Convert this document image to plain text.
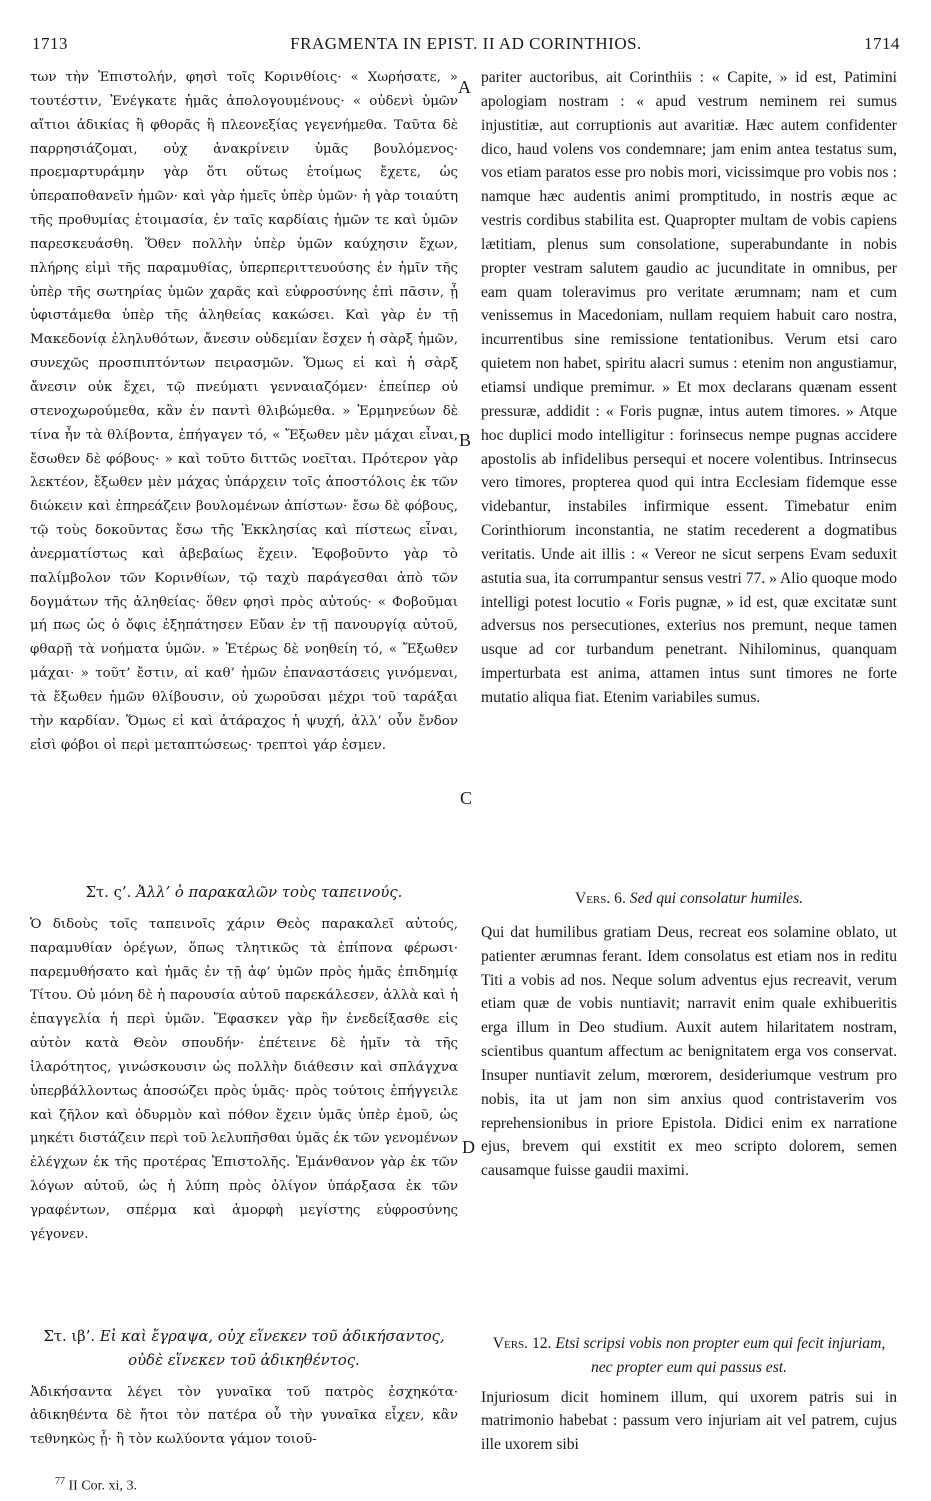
1713	FRAGMENTA IN EPIST. II AD CORINTHIOS.	1714

των τὴν Ἐπιστολήν, φησὶ τοῖς Κορινθίοις· « Χωρήσατε, » τουτέστιν, Ἐνέγκατε ἡμᾶς ἀπολογουμένους· « οὐδενὶ ὑμῶν αἴτιοι ἀδικίας ἢ φθορᾶς ἢ πλεονεξίας γεγενήμεθα. Ταῦτα δὲ παρρησιάζομαι, οὐχ ἀνακρίνειν ὑμᾶς βουλόμενος· προεμαρτυράμην γὰρ ὅτι οὕτως ἑτοίμως ἔχετε, ὡς ὑπεραποθανεῖν ἡμῶν· καὶ γὰρ ἡμεῖς ὑπὲρ ὑμῶν· ἡ γὰρ τοιαύτη τῆς προθυμίας ἑτοιμασία, ἐν ταῖς καρδίαις ἡμῶν τε καὶ ὑμῶν παρεσκευάσθη. Ὅθεν πολλὴν ὑπὲρ ὑμῶν καύχησιν ἔχων, πλήρης εἰμὶ τῆς παραμυθίας, ὑπερπεριττευούσης ἐν ἡμῖν τῆς ὑπὲρ τῆς σωτηρίας ὑμῶν χαρᾶς καὶ εὐφροσύνης ἐπὶ πᾶσιν, ᾗ ὑφιστάμεθα ὑπὲρ τῆς ἀληθείας κακώσει. Καὶ γὰρ ἐν τῇ Μακεδονίᾳ ἐληλυθότων, ἄνεσιν οὐδεμίαν ἔσχεν ἡ σὰρξ ἡμῶν, συνεχῶς προσπιπτόντων πειρασμῶν. Ὅμως εἰ καὶ ἡ σὰρξ ἄνεσιν οὐκ ἔχει, τῷ πνεύματι γενναιαζόμεν· ἐπείπερ οὐ στενοχωρούμεθα, κἂν ἐν παντὶ θλιβώμεθα. » Ἑρμηνεύων δὲ τίνα ἦν τὰ θλίβοντα, ἐπήγαγεν τό, « Ἔξωθεν μὲν μάχαι εἶναι, ἔσωθεν δὲ φόβους· » καὶ τοῦτο διττῶς νοεῖται. Πρότερον γὰρ λεκτέον, ἔξωθεν μὲν μάχας ὑπάρχειν τοῖς ἀποστόλοις ἐκ τῶν διώκειν καὶ ἐπηρεάζειν βουλομένων ἀπίστων· ἔσω δὲ φόβους, τῷ τοὺς δοκοῦντας ἔσω τῆς Ἐκκλησίας καὶ πίστεως εἶναι, ἀνερματίστως καὶ ἀβεβαίως ἔχειν. Ἐφοβοῦντο γὰρ τὸ παλίμβολον τῶν Κορινθίων, τῷ ταχὺ παράγεσθαι ἀπὸ τῶν δογμάτων τῆς ἀληθείας· ὅθεν φησὶ πρὸς αὐτούς· « Φοβοῦμαι μή πως ὡς ὁ ὄφις ἐξηπάτησεν Εὔαν ἐν τῇ πανουργίᾳ αὐτοῦ, φθαρῇ τὰ νοήματα ὑμῶν. » Ἑτέρως δὲ νοηθείη τό, « Ἔξωθεν μάχαι· » τοῦτ’ ἔστιν, αἱ καθ’ ἡμῶν ἐπαναστάσεις γινόμεναι, τὰ ἔξωθεν ἡμῶν θλίβουσιν, οὐ χωροῦσαι μέχρι τοῦ ταράξαι τὴν καρδίαν. Ὅμως εἰ καὶ ἀτάραχος ἡ ψυχή, ἀλλ’ οὖν ἔνδον εἰσὶ φόβοι οἱ περὶ μεταπτώσεως· τρεπτοὶ γάρ ἐσμεν.

Στ. ς’. Ἀλλ’ ὁ παρακαλῶν τοὺς ταπεινούς.

Ὁ διδοὺς τοῖς ταπεινοῖς χάριν Θεὸς παρακαλεῖ αὐτούς, παραμυθίαν ὀρέγων, ὅπως τλητικῶς τὰ ἐπίπονα φέρωσι· παρεμυθήσατο καὶ ἡμᾶς ἐν τῇ ἀφ’ ὑμῶν πρὸς ἡμᾶς ἐπιδημίᾳ Τίτου. Οὐ μόνη δὲ ἡ παρουσία αὐτοῦ παρεκάλεσεν, ἀλλὰ καὶ ἡ ἐπαγγελία ἡ περὶ ὑμῶν. Ἔφασκεν γὰρ ἣν ἐνεδείξασθε εἰς αὐτὸν κατὰ Θεὸν σπουδήν· ἐπέτεινε δὲ ἡμῖν τὰ τῆς ἱλαρότητος, γινώσκουσιν ὡς πολλὴν διάθεσιν καὶ σπλάγχνα ὑπερβάλλοντως ἀποσώζει πρὸς ὑμᾶς· πρὸς τούτοις ἐπήγγειλε καὶ ζῆλον καὶ ὀδυρμὸν καὶ πόθον ἔχειν ὑμᾶς ὑπὲρ ἐμοῦ, ὡς μηκέτι διστάζειν περὶ τοῦ λελυπῆσθαι ὑμᾶς ἐκ τῶν γενομένων ἐλέγχων ἐκ τῆς προτέρας Ἐπιστολῆς. Ἐμάνθανον γὰρ ἐκ τῶν λόγων αὐτοῦ, ὡς ἡ λύπη πρὸς ὀλίγον ὑπάρξασα ἐκ τῶν γραφέντων, σπέρμα καὶ ἀμορφὴ μεγίστης εὐφροσύνης γέγονεν.

Στ. ιβ’. Εἰ καὶ ἔγραψα, οὐχ εἵνεκεν τοῦ ἀδικήσαντος, οὐδὲ εἵνεκεν τοῦ ἀδικηθέντος.

Ἀδικήσαντα λέγει τὸν γυναῖκα τοῦ πατρὸς ἐσχηκότα· ἀδικηθέντα δὲ ἤτοι τὸν πατέρα οὗ τὴν γυναῖκα εἶχεν, κἂν τεθνηκὼς ᾖ· ἢ τὸν κωλύοντα γάμον τοιοῦ-

pariter auctoribus, ait Corinthiis : « Capite, » id est, Patimini apologiam nostram : « apud vestrum neminem rei sumus injustitiæ, aut corruptionis aut avaritiæ. Hæc autem confidenter dico, haud volens vos condemnare; jam enim antea testatus sum, vos etiam paratos esse pro nobis mori, vicissimque pro vobis nos : namque hæc audentis animi promptitudo, in nostris æque ac vestris cordibus stabilita est. Quapropter multam de vobis capiens lætitiam, plenus sum consolatione, superabundante in nobis propter vestram salutem gaudio ac jucunditate in omnibus, per eam quam toleravimus pro veritate ærumnam; nam et cum venissemus in Macedoniam, nullam requiem habuit caro nostra, incurrentibus sine remissione tentationibus. Verum etsi caro quietem non habet, spiritu alacri sumus : etenim non angustiamur, etiamsi undique premimur. » Et mox declarans quænam essent pressuræ, addidit : « Foris pugnæ, intus autem timores. » Atque hoc duplici modo intelligitur : forinsecus nempe pugnas accidere apostolis ab infidelibus persequi et nocere volentibus. Intrinsecus vero timores, propterea quod qui intra Ecclesiam fidemque esse videbantur, instabiles infirmique essent. Timebatur enim Corinthiorum inconstantia, ne statim recederent a dogmatibus veritatis. Unde ait illis : « Vereor ne sicut serpens Evam seduxit astutia sua, ita corrumpantur sensus vestri 77. » Alio quoque modo intelligi potest locutio « Foris pugnæ, » id est, quæ excitatæ sunt adversus nos persecutiones, exterius nos premunt, neque tamen usque ad cor turbandum penetrant. Nihilominus, quanquam imperturbata est anima, attamen intus sunt timores ne forte mutatio aliqua fiat. Etenim variabiles sumus.

Vers. 6. Sed qui consolatur humiles.

Qui dat humilibus gratiam Deus, recreat eos solamine oblato, ut patienter ærumnas ferant. Idem consolatus est etiam nos in reditu Titi a vobis ad nos. Neque solum adventus ejus recreavit, verum etiam quæ de vobis nuntiavit; narravit enim quale exhibueritis erga illum in Deo studium. Auxit autem hilaritatem nostram, scientibus quantum affectum ac benignitatem erga vos conservat. Insuper nuntiavit zelum, mœrorem, desideriumque vestrum pro nobis, ita ut jam non sim anxius quod contristaverim vos reprehensionibus in priore Epistola. Didici enim ex narratione ejus, brevem qui exstitit ex meo scripto dolorem, semen causamque fuisse gaudii maximi.

Vers. 12. Etsi scripsi vobis non propter eum qui fecit injuriam, nec propter eum qui passus est.

Injuriosum dicit hominem illum, qui uxorem patris sui in matrimonio habebat : passum vero injuriam ait vel patrem, cujus ille uxorem sibi

A
B
C
D
$^{77}$ II Cor. xi, 3.
